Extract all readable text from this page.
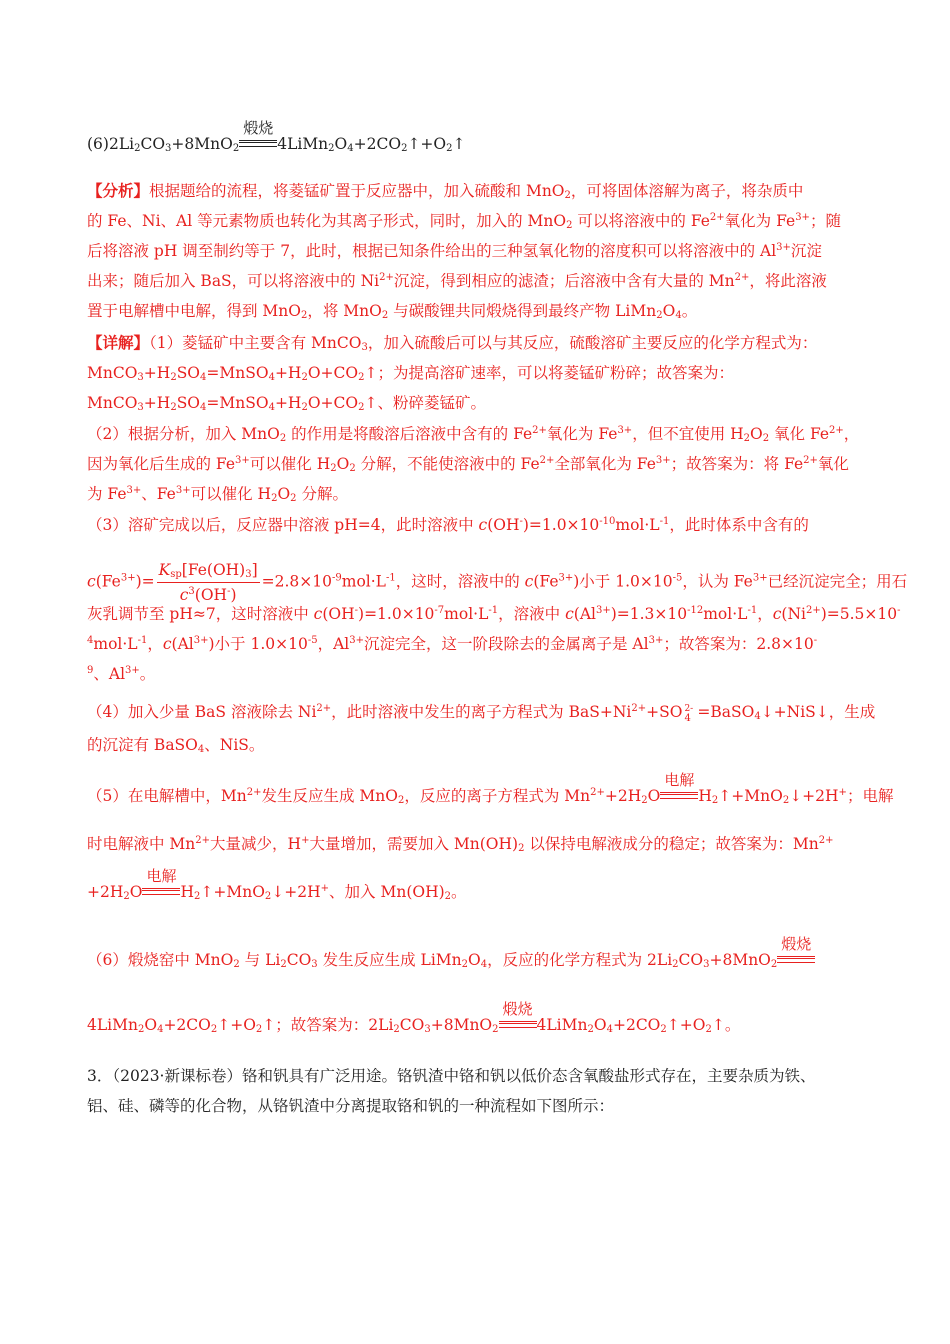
$(6)2Li_2CO_3+8MnO_2$
煅烧
$4LiMn_2O_4+2CO_2↑+O_2↑$
【分析】根据题给的流程，将菱锰矿置于反应器中，加入硫酸和 MnO$_2$，可将固体溶解为离子，将杂质中
的 Fe、Ni、Al 等元素物质也转化为其离子形式，同时，加入的 MnO$_2$ 可以将溶液中的 $Fe^{2+}$氧化为 $Fe^{3+}$；随
后将溶液 pH 调至制约等于 7，此时，根据已知条件给出的三种氢氧化物的溶度积可以将溶液中的 $Al^{3+}$沉淀
出来；随后加入 BaS，可以将溶液中的 $Ni^{2+}$沉淀，得到相应的滤渣；后溶液中含有大量的 $Mn^{2+}$，将此溶液
置于电解槽中电解，得到 MnO$_2$，将 MnO$_2$ 与碳酸锂共同煅烧得到最终产物 $LiMn_2O_4$。
【详解】（1）菱锰矿中主要含有 MnCO$_3$，加入硫酸后可以与其反应，硫酸溶矿主要反应的化学方程式为：
$MnCO_3+H_2SO_4=MnSO_4+H_2O+CO_2↑$；为提高溶矿速率，可以将菱锰矿粉碎；故答案为：
$MnCO_3+H_2SO_4=MnSO_4+H_2O+CO_2↑$、粉碎菱锰矿。
（2）根据分析，加入 MnO$_2$ 的作用是将酸溶后溶液中含有的 $Fe^{2+}$氧化为 $Fe^{3+}$，但不宜使用 $H_2O_2$ 氧化 $Fe^{2+}$，
因为氧化后生成的 $Fe^{3+}$可以催化 $H_2O_2$ 分解，不能使溶液中的 $Fe^{2+}$全部氧化为 $Fe^{3+}$；故答案为：将 $Fe^{2+}$氧化
为 $Fe^{3+}$、$Fe^{3+}$可以催化 $H_2O_2$ 分解。
（3）溶矿完成以后，反应器中溶液 pH=4，此时溶液中 $c(OH^-)=1.0\times 10^{-10}mol\cdot L^{-1}$，此时体系中含有的
$c(Fe^{3+})= \frac{K_{sp}[Fe(OH)_3]}{c^3(OH^-)} =2.8\times 10^{-9}mol\cdot L^{-1}$，这时，溶液中的 $c(Fe^{3+})$小于 $1.0\times 10^{-5}$，认为 $Fe^{3+}$已经沉淀完全；用石
灰乳调节至 pH≈7，这时溶液中 $c(OH^-)=1.0\times 10^{-7}mol\cdot L^{-1}$，溶液中 $c(Al^{3+})=1.3\times 10^{-12}mol\cdot L^{-1}$，$c(Ni^{2+})=5.5\times 10^-$
$^4mol\cdot L^{-1}$，$c(Al^{3+})$小于 $1.0\times 10^{-5}$，$Al^{3+}$沉淀完全，这一阶段除去的金属离子是 $Al^{3+}$；故答案为：2.8×10-
$^9$、$Al^{3+}$。
（4）加入少量 BaS 溶液除去 $Ni^{2+}$，此时溶液中发生的离子方程式为 $BaS+Ni^{2+}+SO$ 2-
4 =BaSO$_4$↓+NiS↓，生成
的沉淀有 BaSO$_4$、NiS。
（5）在电解槽中，$Mn^{2+}$发生反应生成 MnO$_2$，反应的离子方程式为 $Mn^{2+}+2H_2O$
电解
$H_2↑+MnO_2↓+2H^+$；电解
时电解液中 $Mn^{2+}$大量减少，H+大量增加，需要加入 $Mn(OH)_2$ 以保持电解液成分的稳定；故答案为：$Mn^{2+}$
$+2H_2O$
电解
$H_2↑+MnO_2↓+2H^+$、加入 $Mn(OH)_2$。
（6）煅烧窑中 MnO$_2$ 与 $Li_2CO_3$ 发生反应生成 $LiMn_2O_4$，反应的化学方程式为 $2Li_2CO_3+8MnO_2$
煅烧
$4LiMn_2O_4+2CO_2↑+O_2↑$；故答案为：$2Li_2CO_3+8MnO_2$
煅烧
$4LiMn_2O_4+2CO_2↑+O_2↑$。
3．（2023·新课标卷）铬和钒具有广泛用途。铬钒渣中铬和钒以低价态含氧酸盐形式存在，主要杂质为铁、
铝、硅、磷等的化合物，从铬钒渣中分离提取铬和钒的一种流程如下图所示：
